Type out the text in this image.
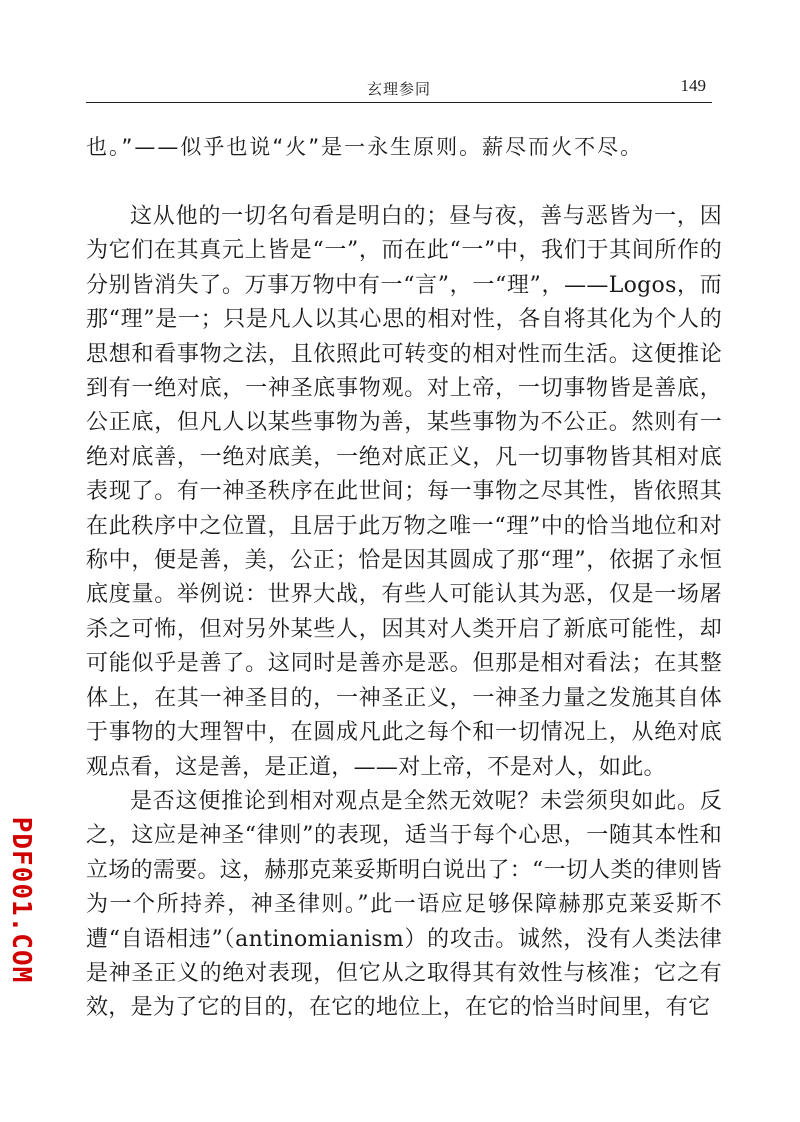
玄理参同	149
也。”——似乎也说“火”是一永生原则。薪尽而火不尽。

这从他的一切名句看是明白的；昼与夜，善与恶皆为一，因为它们在其真元上皆是“一”，而在此“一”中，我们于其间所作的分别皆消失了。万事万物中有一“言”，一“理”，——Logos，而那“理”是一；只是凡人以其心思的相对性，各自将其化为个人的思想和看事物之法，且依照此可转变的相对性而生活。这便推论到有一绝对底，一神圣底事物观。对上帝，一切事物皆是善底，公正底，但凡人以某些事物为善，某些事物为不公正。然则有一绝对底善，一绝对底美，一绝对底正义，凡一切事物皆其相对底表现了。有一神圣秩序在此世间；每一事物之尽其性，皆依照其在此秩序中之位置，且居于此万物之唯一“理”中的恰当地位和对称中，便是善，美，公正；恰是因其圆成了那“理”，依据了永恒底度量。举例说：世界大战，有些人可能认其为恶，仅是一场屠杀之可怖，但对另外某些人，因其对人类开启了新底可能性，却可能似乎是善了。这同时是善亦是恶。但那是相对看法；在其整体上，在其一神圣目的，一神圣正义，一神圣力量之发施其自体于事物的大理智中，在圆成凡此之每个和一切情况上，从绝对底观点看，这是善，是正道，——对上帝，不是对人，如此。

是否这便推论到相对观点是全然无效呢？未尝须臾如此。反之，这应是神圣“律则”的表现，适当于每个心思，一随其本性和立场的需要。这，赫那克莱妥斯明白说出了：“一切人类的律则皆为一个所持养，神圣律则。”此一语应足够保障赫那克莱妥斯不遭“自语相违”（antinomianism）的攻击。诚然，没有人类法律是神圣正义的绝对表现，但它从之取得其有效性与核准；它之有效，是为了它的目的，在它的地位上，在它的恰当时间里，有它

PDF001.COM
